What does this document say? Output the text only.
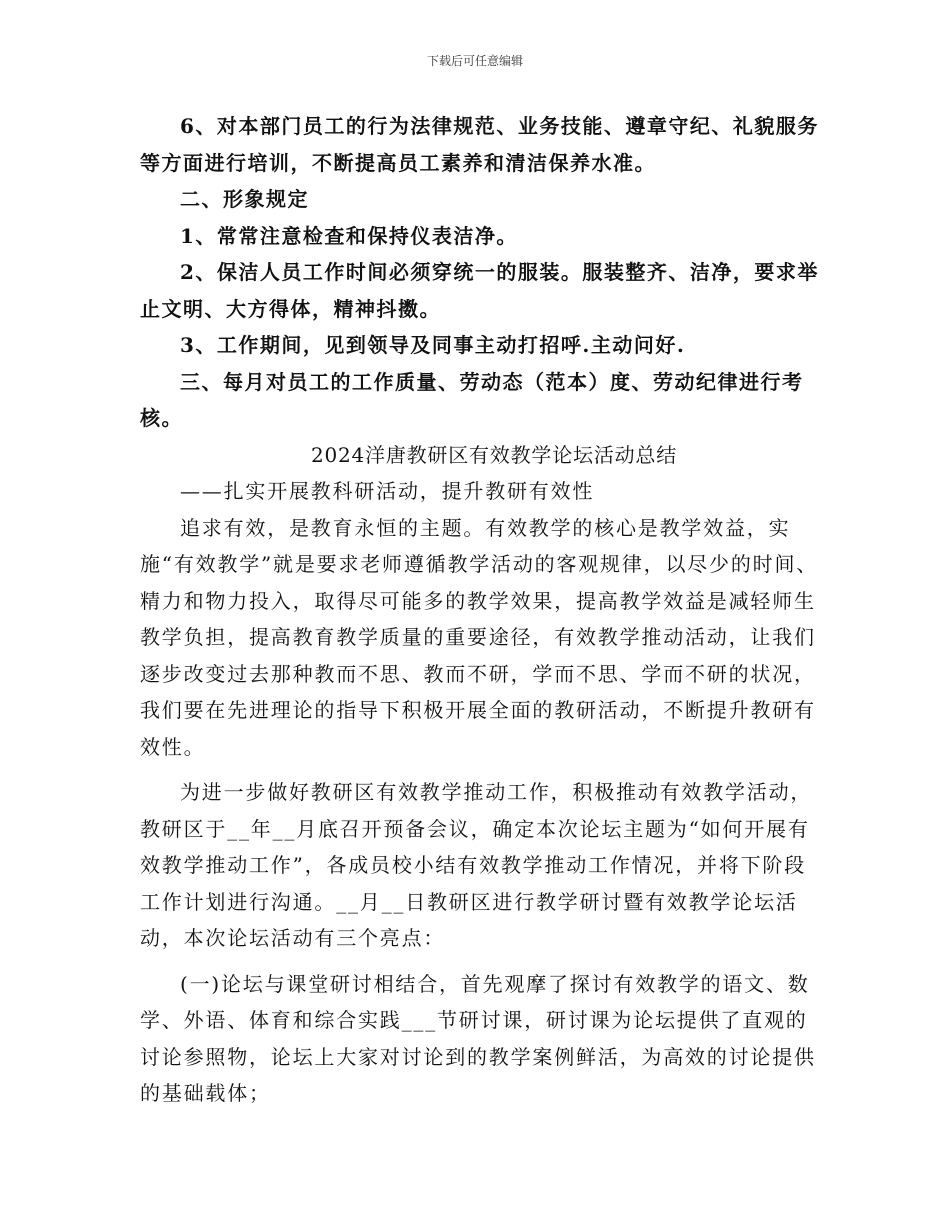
下载后可任意编辑

6、对本部门员工的行为法律规范、业务技能、遵章守纪、礼貌服务等方面进行培训，不断提高员工素养和清洁保养水准。

二、形象规定

1、常常注意检查和保持仪表洁净。

2、保洁人员工作时间必须穿统一的服装。服装整齐、洁净，要求举止文明、大方得体，精神抖擞。

3、工作期间，见到领导及同事主动打招呼.主动问好.

三、每月对员工的工作质量、劳动态（范本）度、劳动纪律进行考核。

2024洋唐教研区有效教学论坛活动总结

——扎实开展教科研活动，提升教研有效性

追求有效，是教育永恒的主题。有效教学的核心是教学效益，实施“有效教学”就是要求老师遵循教学活动的客观规律，以尽少的时间、精力和物力投入，取得尽可能多的教学效果，提高教学效益是减轻师生教学负担，提高教育教学质量的重要途径，有效教学推动活动，让我们逐步改变过去那种教而不思、教而不研，学而不思、学而不研的状况，我们要在先进理论的指导下积极开展全面的教研活动，不断提升教研有效性。

为进一步做好教研区有效教学推动工作，积极推动有效教学活动，教研区于__年__月底召开预备会议，确定本次论坛主题为“如何开展有效教学推动工作”，各成员校小结有效教学推动工作情况，并将下阶段工作计划进行沟通。__月__日教研区进行教学研讨暨有效教学论坛活动，本次论坛活动有三个亮点：

(一)论坛与课堂研讨相结合，首先观摩了探讨有效教学的语文、数学、外语、体育和综合实践___节研讨课，研讨课为论坛提供了直观的讨论参照物，论坛上大家对讨论到的教学案例鲜活，为高效的讨论提供的基础载体；
